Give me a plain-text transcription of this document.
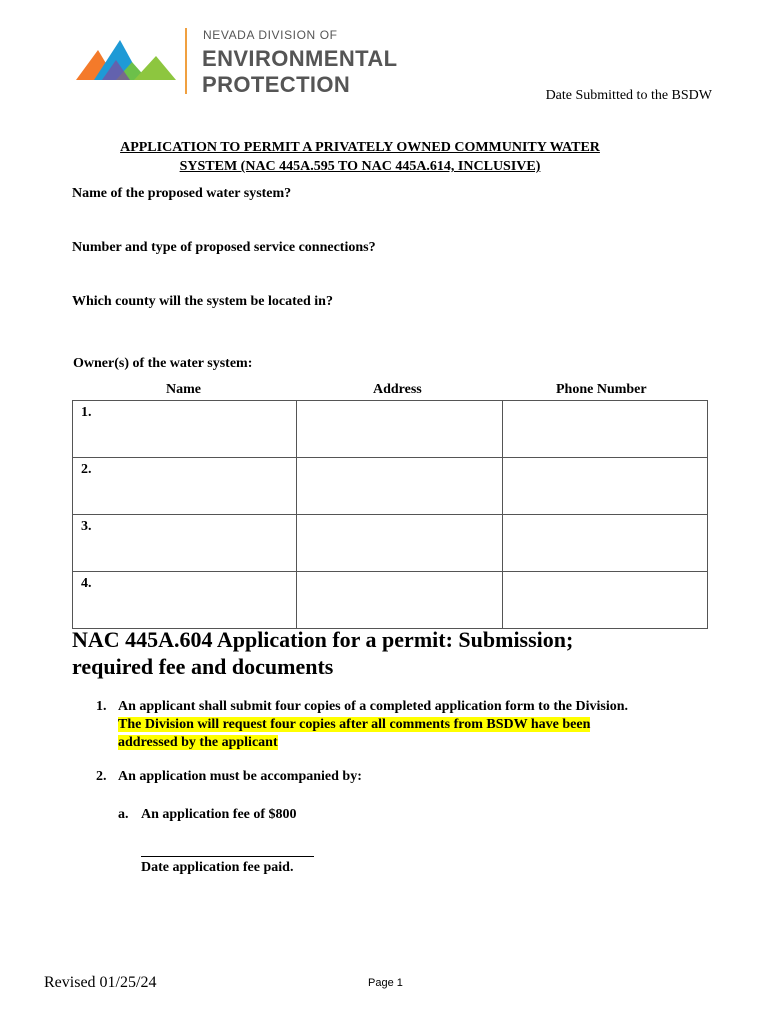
NEVADA DIVISION OF
ENVIRONMENTAL
PROTECTION	Date Submitted to the BSDW
APPLICATION TO PERMIT A PRIVATELY OWNED COMMUNITY WATER
SYSTEM (NAC 445A.595 TO NAC 445A.614, INCLUSIVE)
Name of the proposed water system?
Number and type of proposed service connections?
Which county will the system be located in?
Owner(s) of the water system:
Name	Address	Phone Number
1.		
2.		
3.		
4.		
NAC 445A.604 Application for a permit: Submission;
required fee and documents
1. An applicant shall submit four copies of a completed application form to the Division. The Division will request four copies after all comments from BSDW have been addressed by the applicant
2. An application must be accompanied by:
a. An application fee of $800
Date application fee paid.
Revised 01/25/24	Page 1
